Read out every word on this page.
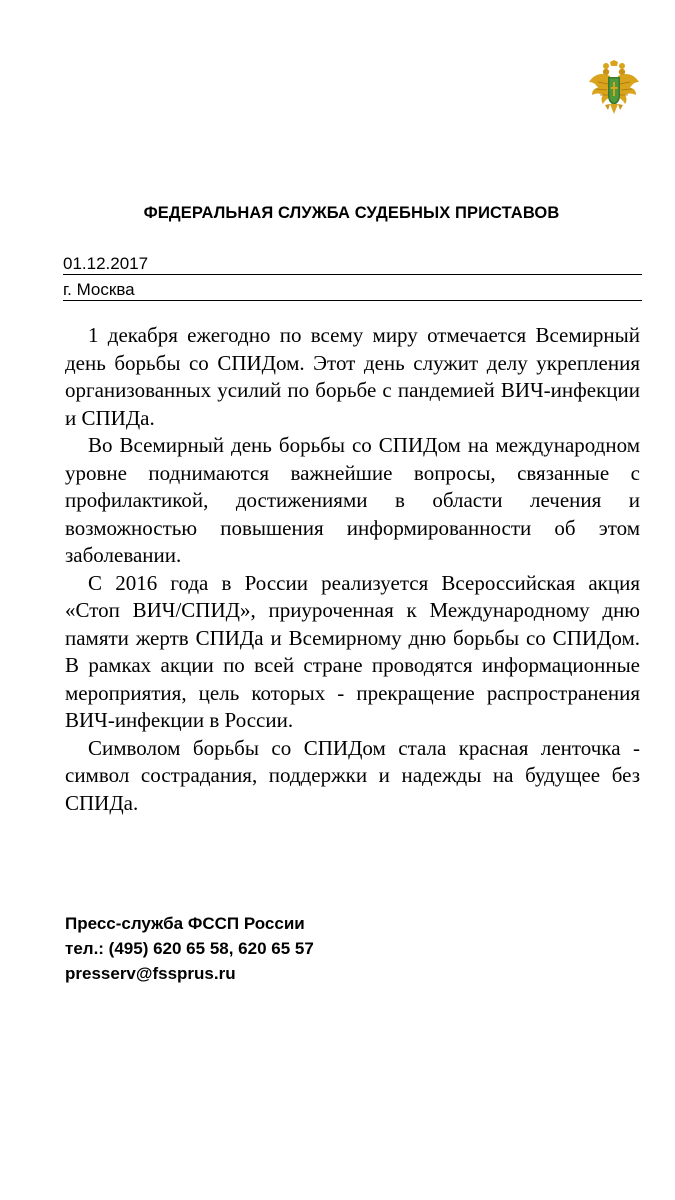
ФЕДЕРАЛЬНАЯ СЛУЖБА СУДЕБНЫХ ПРИСТАВОВ
01.12.2017
г. Москва

1 декабря ежегодно по всему миру отмечается Всемирный день борьбы со СПИДом. Этот день служит делу укрепления организованных усилий по борьбе с пандемией ВИЧ-инфекции и СПИДа.

Во Всемирный день борьбы со СПИДом на международном уровне поднимаются важнейшие вопросы, связанные с профилактикой, достижениями в области лечения и возможностью повышения информированности об этом заболевании.

С 2016 года в России реализуется Всероссийская акция «Стоп ВИЧ/СПИД», приуроченная к Международному дню памяти жертв СПИДа и Всемирному дню борьбы со СПИДом. В рамках акции по всей стране проводятся информационные мероприятия, цель которых - прекращение распространения ВИЧ-инфекции в России.

Символом борьбы со СПИДом стала красная ленточка - символ сострадания, поддержки и надежды на будущее без СПИДа.

Пресс-служба ФССП России
тел.: (495) 620 65 58, 620 65 57
presserv@fssprus.ru
